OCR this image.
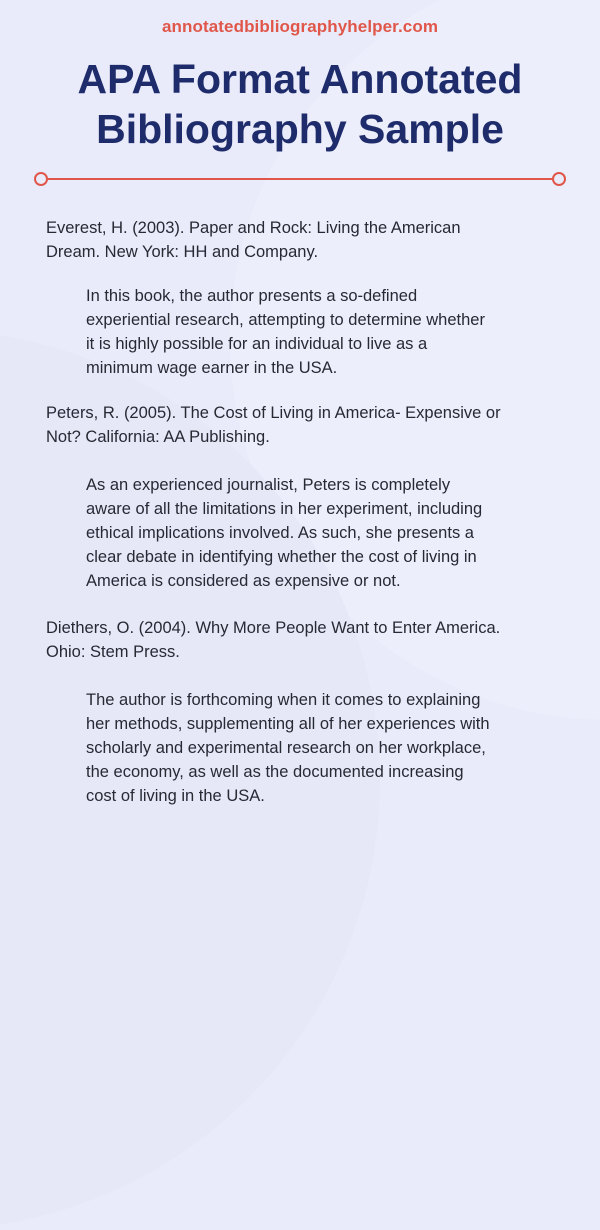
annotatedbibliographyhelper.com
APA Format Annotated
Bibliography Sample
Everest, H. (2003). Paper and Rock: Living the American
Dream. New York: HH and Company.
In this book, the author presents a so-defined
experiential research, attempting to determine whether
it is highly possible for an individual to live as a
minimum wage earner in the USA.
Peters, R. (2005). The Cost of Living in America- Expensive or
Not? California: AA Publishing.
As an experienced journalist, Peters is completely
aware of all the limitations in her experiment, including
ethical implications involved. As such, she presents a
clear debate in identifying whether the cost of living in
America is considered as expensive or not.
Diethers, O. (2004). Why More People Want to Enter America.
Ohio: Stem Press.
The author is forthcoming when it comes to explaining
her methods, supplementing all of her experiences with
scholarly and experimental research on her workplace,
the economy, as well as the documented increasing
cost of living in the USA.
